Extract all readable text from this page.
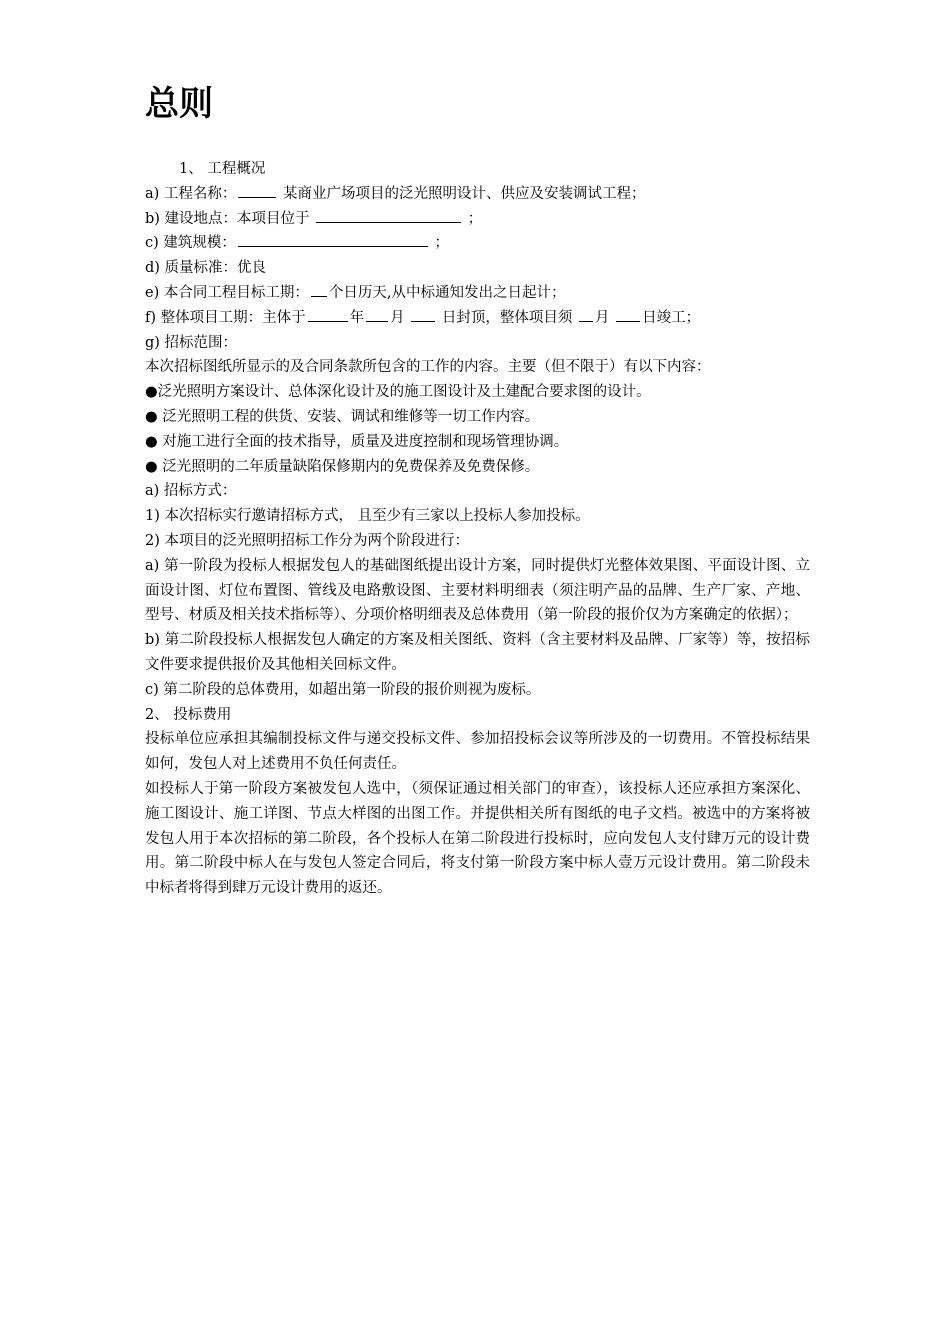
总则
1、 工程概况
a) 工程名称：	某商业广场项目的泛光照明设计、供应及安装调试工程；
b) 建设地点：本项目位于	；
c) 建筑规模：	；
d) 质量标准：优良
e) 本合同工程目标工期： 个日历天,从中标通知发出之日起计；
f) 整体项目工期：主体于	年 月	日封顶，整体项目须 月 日竣工；
g) 招标范围：
本次招标图纸所显示的及合同条款所包含的工作的内容。主要（但不限于）有以下内容：
●泛光照明方案设计、总体深化设计及的施工图设计及土建配合要求图的设计。
● 泛光照明工程的供货、安装、调试和维修等一切工作内容。
● 对施工进行全面的技术指导，质量及进度控制和现场管理协调。
● 泛光照明的二年质量缺陷保修期内的免费保养及免费保修。
a) 招标方式：
1) 本次招标实行邀请招标方式， 且至少有三家以上投标人参加投标。
2) 本项目的泛光照明招标工作分为两个阶段进行：

a) 第一阶段为投标人根据发包人的基础图纸提出设计方案，同时提供灯光整体效果图、平面设计图、立面设计图、灯位布置图、管线及电路敷设图、主要材料明细表（须注明产品的品牌、生产厂家、产地、型号、材质及相关技术指标等）、分项价格明细表及总体费用（第一阶段的报价仅为方案确定的依据）；

b) 第二阶段投标人根据发包人确定的方案及相关图纸、资料（含主要材料及品牌、厂家等）等，按招标文件要求提供报价及其他相关回标文件。

c) 第二阶段的总体费用，如超出第一阶段的报价则视为废标。

2、 投标费用

投标单位应承担其编制投标文件与递交投标文件、参加招投标会议等所涉及的一切费用。不管投标结果如何，发包人对上述费用不负任何责任。

如投标人于第一阶段方案被发包人选中，（须保证通过相关部门的审查），该投标人还应承担方案深化、施工图设计、施工详图、节点大样图的出图工作。并提供相关所有图纸的电子文档。被选中的方案将被发包人用于本次招标的第二阶段，各个投标人在第二阶段进行投标时，应向发包人支付肆万元的设计费用。第二阶段中标人在与发包人签定合同后，将支付第一阶段方案中标人壹万元设计费用。第二阶段未中标者将得到肆万元设计费用的返还。
